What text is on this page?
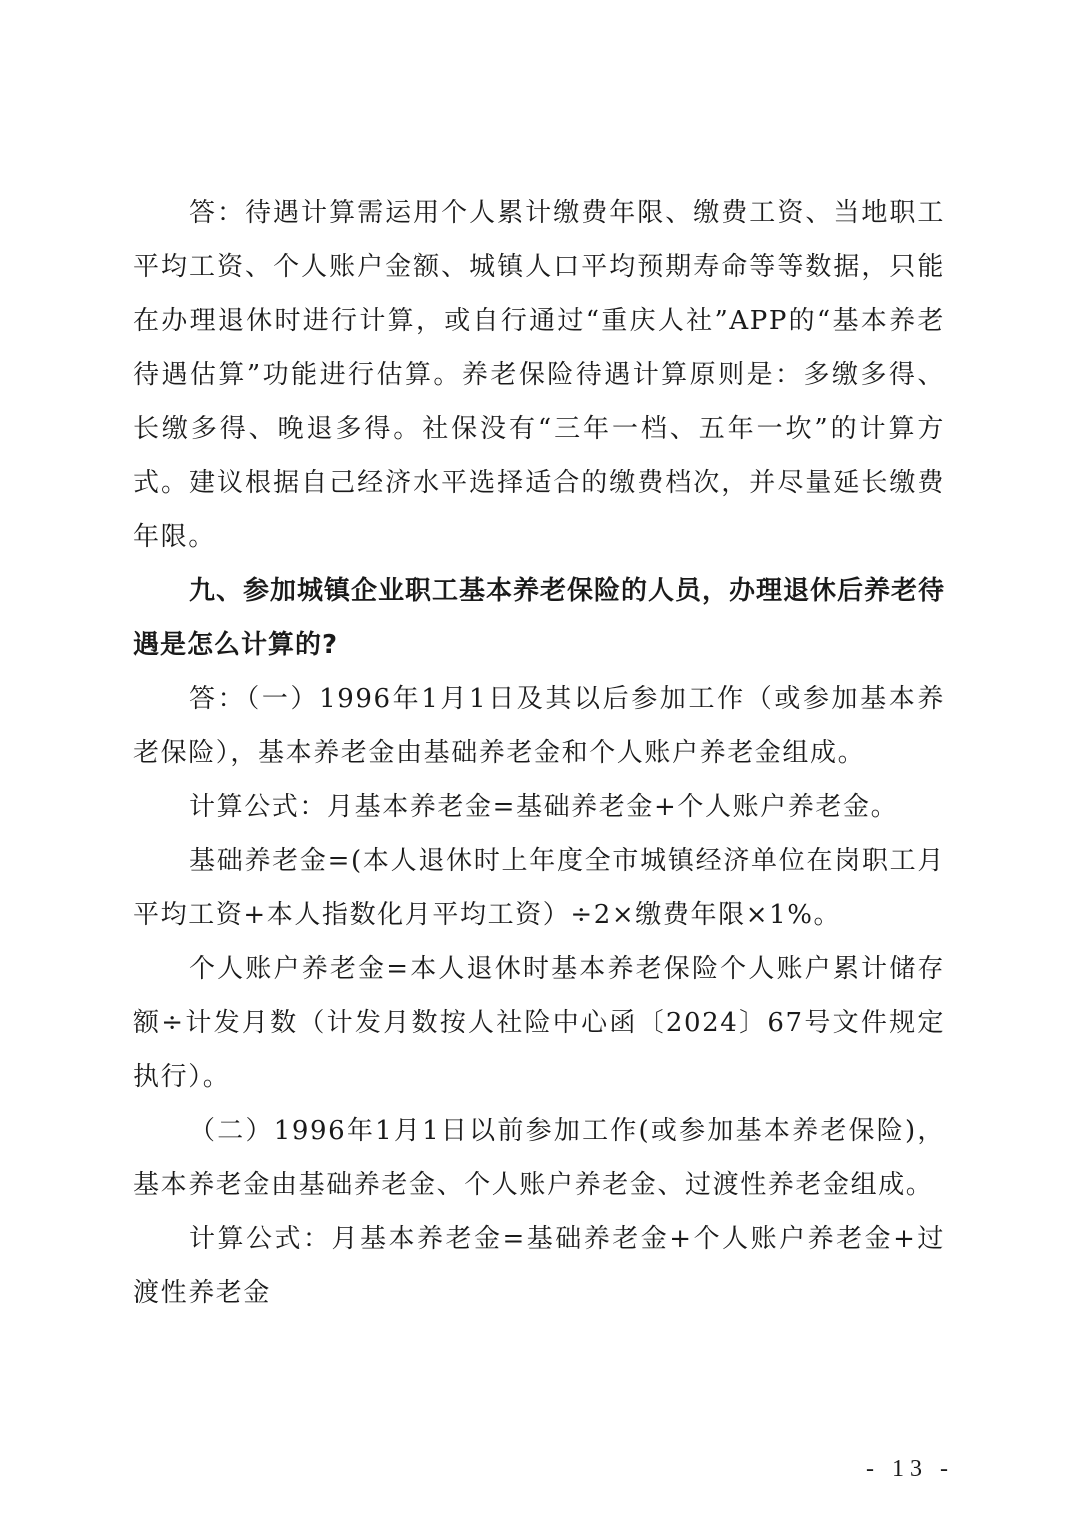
答：待遇计算需运用个人累计缴费年限、缴费工资、当地职工平均工资、个人账户金额、城镇人口平均预期寿命等等数据，只能在办理退休时进行计算，或自行通过“重庆人社”APP的“基本养老待遇估算”功能进行估算。养老保险待遇计算原则是：多缴多得、长缴多得、晚退多得。社保没有“三年一档、五年一坎”的计算方式。建议根据自己经济水平选择适合的缴费档次，并尽量延长缴费年限。

九、参加城镇企业职工基本养老保险的人员，办理退休后养老待遇是怎么计算的?

答：（一）1996年1月1日及其以后参加工作（或参加基本养老保险），基本养老金由基础养老金和个人账户养老金组成。

计算公式：月基本养老金=基础养老金+个人账户养老金。

基础养老金=(本人退休时上年度全市城镇经济单位在岗职工月平均工资+本人指数化月平均工资）÷2×缴费年限×1%。

个人账户养老金=本人退休时基本养老保险个人账户累计储存额÷计发月数（计发月数按人社险中心函〔2024〕67号文件规定执行）。

（二）1996年1月1日以前参加工作(或参加基本养老保险)，基本养老金由基础养老金、个人账户养老金、过渡性养老金组成。

计算公式：月基本养老金=基础养老金+个人账户养老金+过渡性养老金

- 13 -
